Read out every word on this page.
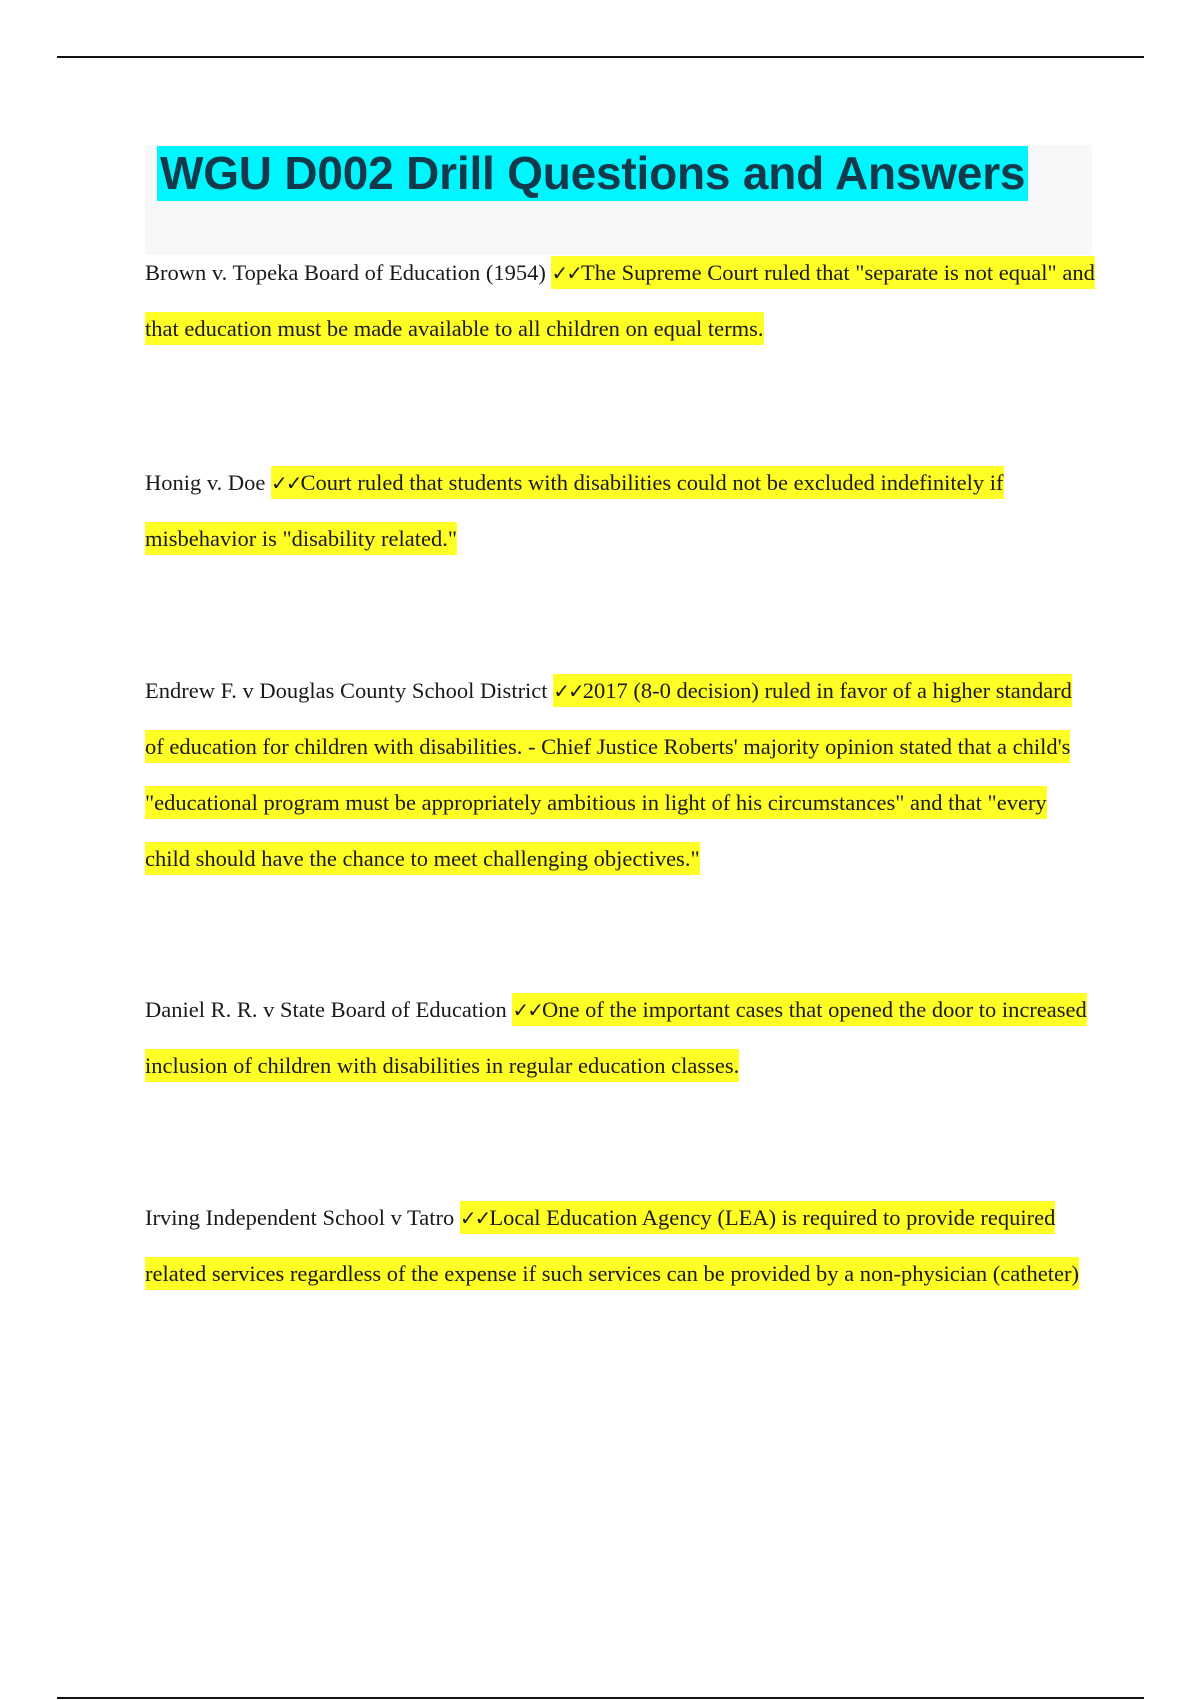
WGU D002 Drill Questions and Answers
Brown v. Topeka Board of Education (1954) ✓✓The Supreme Court ruled that "separate is not equal" and that education must be made available to all children on equal terms.
Honig v. Doe ✓✓Court ruled that students with disabilities could not be excluded indefinitely if misbehavior is "disability related."
Endrew F. v Douglas County School District ✓✓2017 (8-0 decision) ruled in favor of a higher standard of education for children with disabilities. - Chief Justice Roberts' majority opinion stated that a child's "educational program must be appropriately ambitious in light of his circumstances" and that "every child should have the chance to meet challenging objectives."
Daniel R. R. v State Board of Education ✓✓One of the important cases that opened the door to increased inclusion of children with disabilities in regular education classes.
Irving Independent School v Tatro ✓✓Local Education Agency (LEA) is required to provide required related services regardless of the expense if such services can be provided by a non-physician (catheter)
